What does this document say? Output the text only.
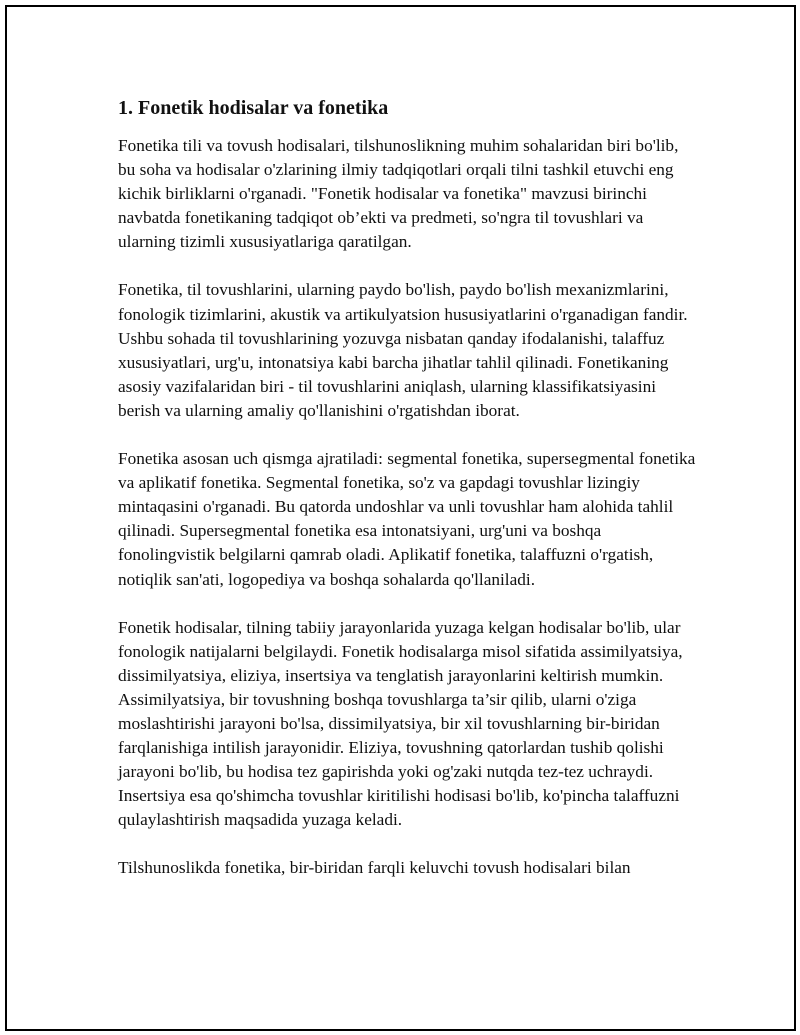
1. Fonetik hodisalar va fonetika

Fonetika tili va tovush hodisalari, tilshunoslikning muhim sohalaridan biri bo'lib, bu soha va hodisalar o'zlarining ilmiy tadqiqotlari orqali tilni tashkil etuvchi eng kichik birliklarni o'rganadi. "Fonetik hodisalar va fonetika" mavzusi birinchi navbatda fonetikaning tadqiqot ob’ekti va predmeti, so'ngra til tovushlari va ularning tizimli xususiyatlariga qaratilgan.

Fonetika, til tovushlarini, ularning paydo bo'lish, paydo bo'lish mexanizmlarini, fonologik tizimlarini, akustik va artikulyatsion hususiyatlarini o'rganadigan fandir. Ushbu sohada til tovushlarining yozuvga nisbatan qanday ifodalanishi, talaffuz xususiyatlari, urg'u, intonatsiya kabi barcha jihatlar tahlil qilinadi. Fonetikaning asosiy vazifalaridan biri - til tovushlarini aniqlash, ularning klassifikatsiyasini berish va ularning amaliy qo'llanishini o'rgatishdan iborat.

Fonetika asosan uch qismga ajratiladi: segmental fonetika, supersegmental fonetika va aplikatif fonetika. Segmental fonetika, so'z va gapdagi tovushlar lizingiy mintaqasini o'rganadi. Bu qatorda undoshlar va unli tovushlar ham alohida tahlil qilinadi. Supersegmental fonetika esa intonatsiyani, urg'uni va boshqa fonolingvistik belgilarni qamrab oladi. Aplikatif fonetika, talaffuzni o'rgatish, notiqlik san'ati, logopediya va boshqa sohalarda qo'llaniladi.

Fonetik hodisalar, tilning tabiiy jarayonlarida yuzaga kelgan hodisalar bo'lib, ular fonologik natijalarni belgilaydi. Fonetik hodisalarga misol sifatida assimilyatsiya, dissimilyatsiya, eliziya, insertsiya va tenglatish jarayonlarini keltirish mumkin. Assimilyatsiya, bir tovushning boshqa tovushlarga ta’sir qilib, ularni o'ziga moslashtirishi jarayoni bo'lsa, dissimilyatsiya, bir xil tovushlarning bir-biridan farqlanishiga intilish jarayonidir. Eliziya, tovushning qatorlardan tushib qolishi jarayoni bo'lib, bu hodisa tez gapirishda yoki og'zaki nutqda tez-tez uchraydi. Insertsiya esa qo'shimcha tovushlar kiritilishi hodisasi bo'lib, ko'pincha talaffuzni qulaylashtirish maqsadida yuzaga keladi.

Tilshunoslikda fonetika, bir-biridan farqli keluvchi tovush hodisalari bilan
